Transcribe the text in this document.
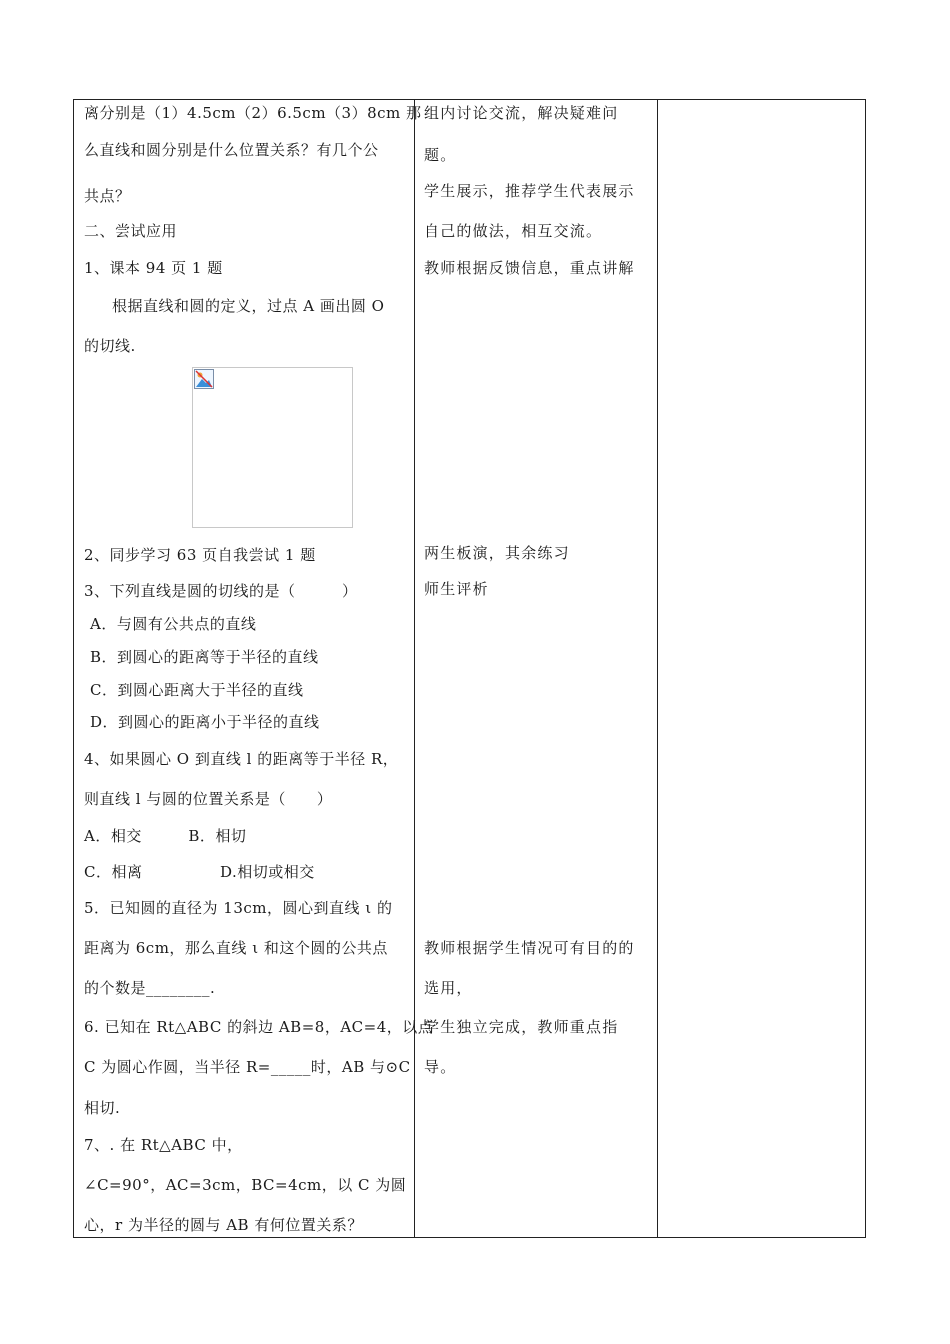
离分别是（1）4.5cm（2）6.5cm（3）8cm 那
么直线和圆分别是什么位置关系？有几个公
共点？
二、尝试应用
1、课本 94 页 1 题
根据直线和圆的定义，过点 A 画出圆 O
的切线.
2、同步学习 63 页自我尝试 1 题
3、下列直线是圆的切线的是（　　　）
A．与圆有公共点的直线
B．到圆心的距离等于半径的直线
C．到圆心距离大于半径的直线
D．到圆心的距离小于半径的直线
4、如果圆心 O 到直线 l 的距离等于半径 R，
则直线 l 与圆的位置关系是（　　）
A．相交　　　B．相切
C．相离　　　　　D.相切或相交
5．已知圆的直径为 13cm，圆心到直线 ι 的
距离为 6cm，那么直线 ι 和这个圆的公共点
的个数是________.
6. 已知在 Rt△ABC 的斜边 AB=8，AC=4，以点
C 为圆心作圆，当半径 R=_____时，AB 与⊙C
相切.
7、. 在 Rt△ABC 中，
∠C=90°，AC=3cm，BC=4cm，以 C 为圆
心，r 为半径的圆与 AB 有何位置关系？
组内讨论交流，解决疑难问
题。
学生展示，推荐学生代表展示
自己的做法，相互交流。
教师根据反馈信息，重点讲解
两生板演，其余练习
师生评析
教师根据学生情况可有目的的
选用，
学生独立完成，教师重点指
导。
